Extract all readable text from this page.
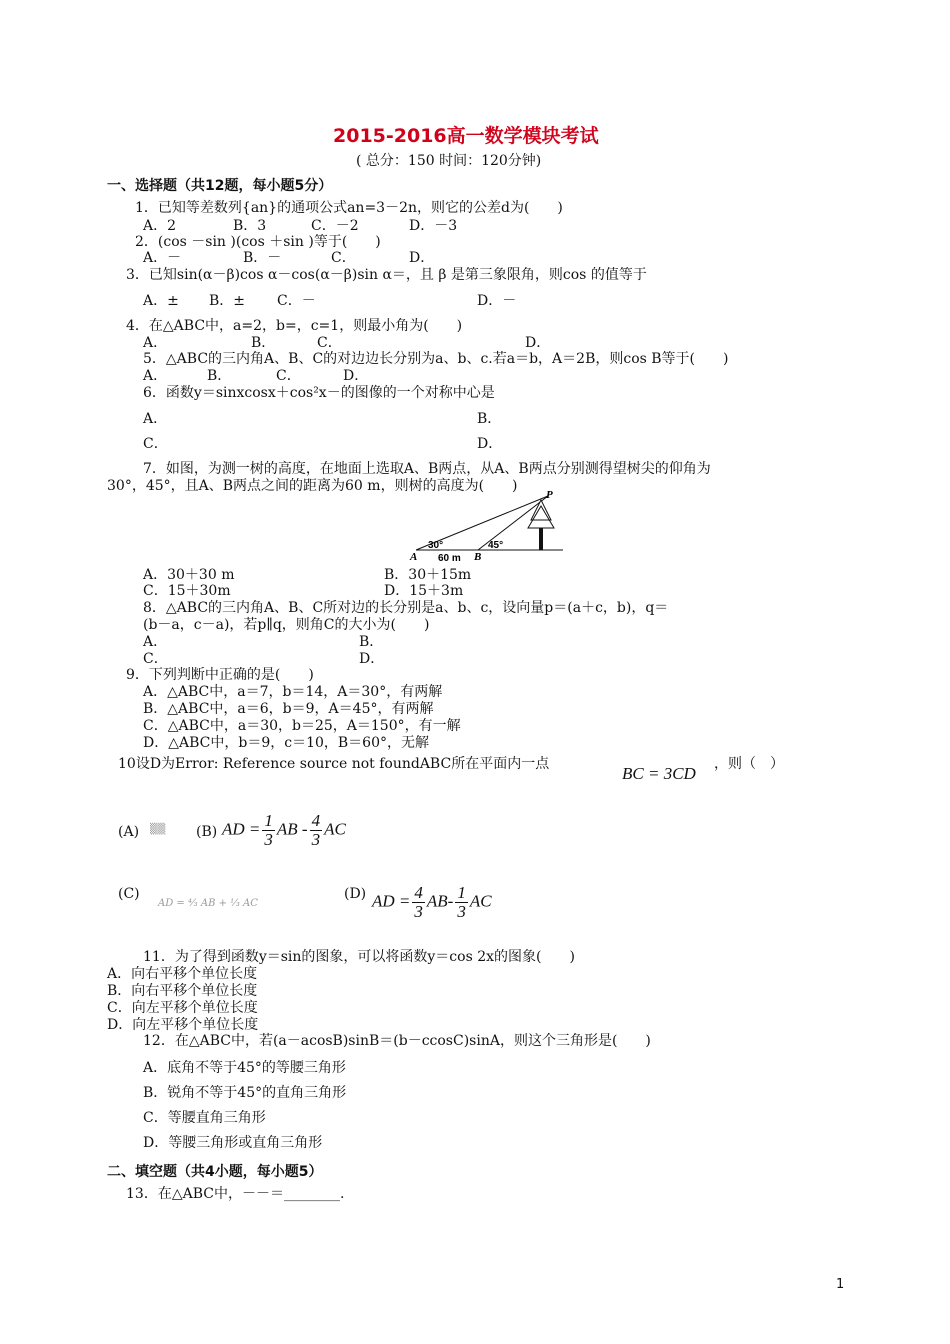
2015-2016高一数学模块考试
( 总分：150 时间：120分钟)
一、选择题（共12题，每小题5分）
1．已知等差数列{an}的通项公式an=3－2n，则它的公差d为(　　)
A．2	B．3	C．－2	D．－3
2．(cos －sin )(cos ＋sin )等于(　　)
A．－	B．－	C．	D．
3．已知sin(α－β)cos α－cos(α－β)sin α＝，且 β 是第三象限角，则cos 的值等于
A．± B．± C．－	D．－
4．在△ABC中，a=2，b=，c=1，则最小角为(　　)
A．	B．	C．	D．
5．△ABC的三内角A、B、C的对边边长分别为a、b、c.若a＝b，A＝2B，则cos B等于(　　)
A．	B．	C．	D．
6．函数y＝sinxcosx＋cos²x－的图像的一个对称中心是
A．	B．
C．	D．
7．如图，为测一树的高度，在地面上选取A、B两点，从A、B两点分别测得望树尖的仰角为
30°，45°，且A、B两点之间的距离为60 m，则树的高度为(　　)
P
A	B
30°	45°
60 m
A．30＋30 m	B．30＋15m
C．15＋30m	D．15＋3m
8．△ABC的三内角A、B、C所对边的长分别是a、b、c，设向量p＝(a＋c，b)，q＝
(b－a，c－a)，若p∥q，则角C的大小为(　　)
A．	B．
C．	D．
9．下列判断中正确的是(　　)
A．△ABC中，a＝7，b＝14，A＝30°，有两解
B．△ABC中，a＝6，b＝9，A＝45°，有两解
C．△ABC中，a＝30，b＝25，A＝150°，有一解
D．△ABC中，b＝9，c＝10，B＝60°，无解
10设D为Error: Reference source not foundABC所在平面内一点	BC = 3CD ，则（　）
(A) ▒▒ (B) AD = $\frac{1}{3}$ AB - $\frac{4}{3}$ AC
(C)
AD = ⁴⁄₃ AB + ¹⁄₃ AC
(D) AD = $\frac{4}{3} AB- \frac{1}{3}$ AC
11．为了得到函数y＝sin的图象，可以将函数y＝cos 2x的图象(　　)
A．向右平移个单位长度
B．向右平移个单位长度
C．向左平移个单位长度
D．向左平移个单位长度
12．在△ABC中，若(a－acosB)sinB＝(b－ccosC)sinA，则这个三角形是(　　)
A．底角不等于45°的等腰三角形
B．锐角不等于45°的直角三角形
C．等腰直角三角形
D．等腰三角形或直角三角形
二、填空题（共4小题，每小题5）
13．在△ABC中，－－＝________.
1
